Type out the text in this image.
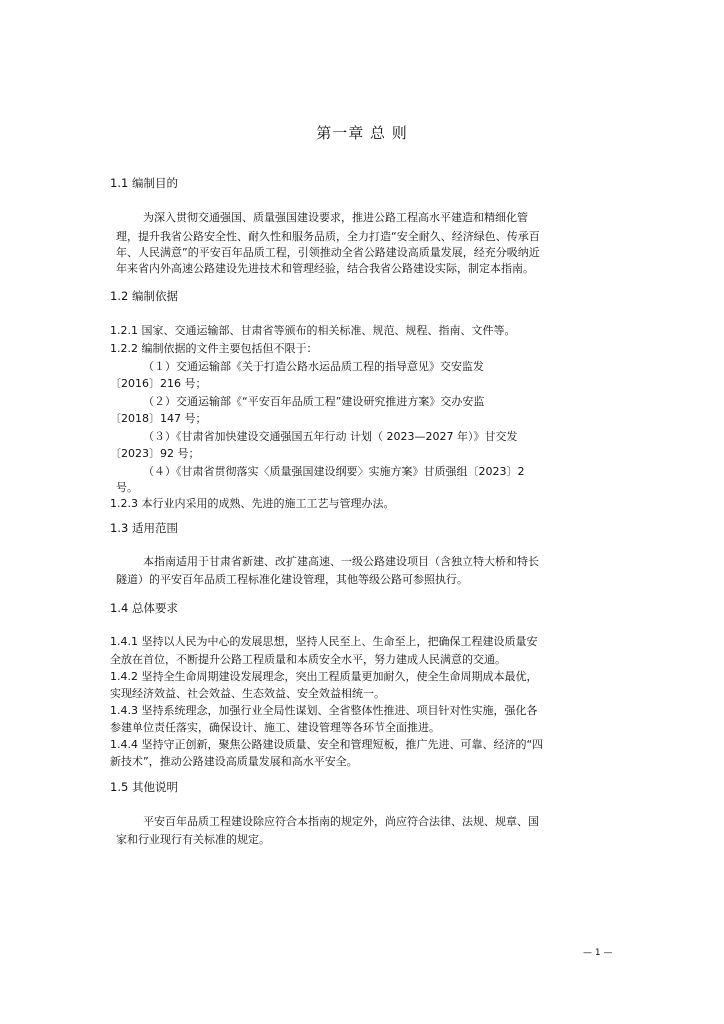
第一章 总 则
1.1 编制目的
为深入贯彻交通强国、质量强国建设要求，推进公路工程高水平建造和精细化管
理，提升我省公路安全性、耐久性和服务品质，全力打造“安全耐久、经济绿色、传承百
年、人民满意”的平安百年品质工程，引领推动全省公路建设高质量发展，经充分吸纳近
年来省内外高速公路建设先进技术和管理经验，结合我省公路建设实际，制定本指南。
1.2 编制依据
1.2.1 国家、交通运输部、甘肃省等颁布的相关标准、规范、规程、指南、文件等。
1.2.2 编制依据的文件主要包括但不限于：
（１）交通运输部《关于打造公路水运品质工程的指导意见》交安监发
〔2016〕216 号；
（２）交通运输部《“平安百年品质工程”建设研究推进方案》交办安监
〔2018〕147 号；
（３）《甘肃省加快建设交通强国五年行动 计划（ 2023—2027 年）》甘交发
〔2023〕92 号；
（４）《甘肃省贯彻落实〈质量强国建设纲要〉实施方案》甘质强组〔2023〕2
号。
1.2.3 本行业内采用的成熟、先进的施工工艺与管理办法。
1.3 适用范围
本指南适用于甘肃省新建、改扩建高速、一级公路建设项目（含独立特大桥和特长
隧道）的平安百年品质工程标准化建设管理，其他等级公路可参照执行。
1.4 总体要求
1.4.1 坚持以人民为中心的发展思想，坚持人民至上、生命至上，把确保工程建设质量安
全放在首位，不断提升公路工程质量和本质安全水平，努力建成人民满意的交通。
1.4.2 坚持全生命周期建设发展理念，突出工程质量更加耐久，使全生命周期成本最优，
实现经济效益、社会效益、生态效益、安全效益相统一。
1.4.3 坚持系统理念，加强行业全局性谋划、全省整体性推进、项目针对性实施，强化各
参建单位责任落实，确保设计、施工、建设管理等各环节全面推进。
1.4.4 坚持守正创新，聚焦公路建设质量、安全和管理短板，推广先进、可靠、经济的“四
新技术”，推动公路建设高质量发展和高水平安全。
1.5 其他说明
平安百年品质工程建设除应符合本指南的规定外，尚应符合法律、法规、规章、国
家和行业现行有关标准的规定。
— 1 —
